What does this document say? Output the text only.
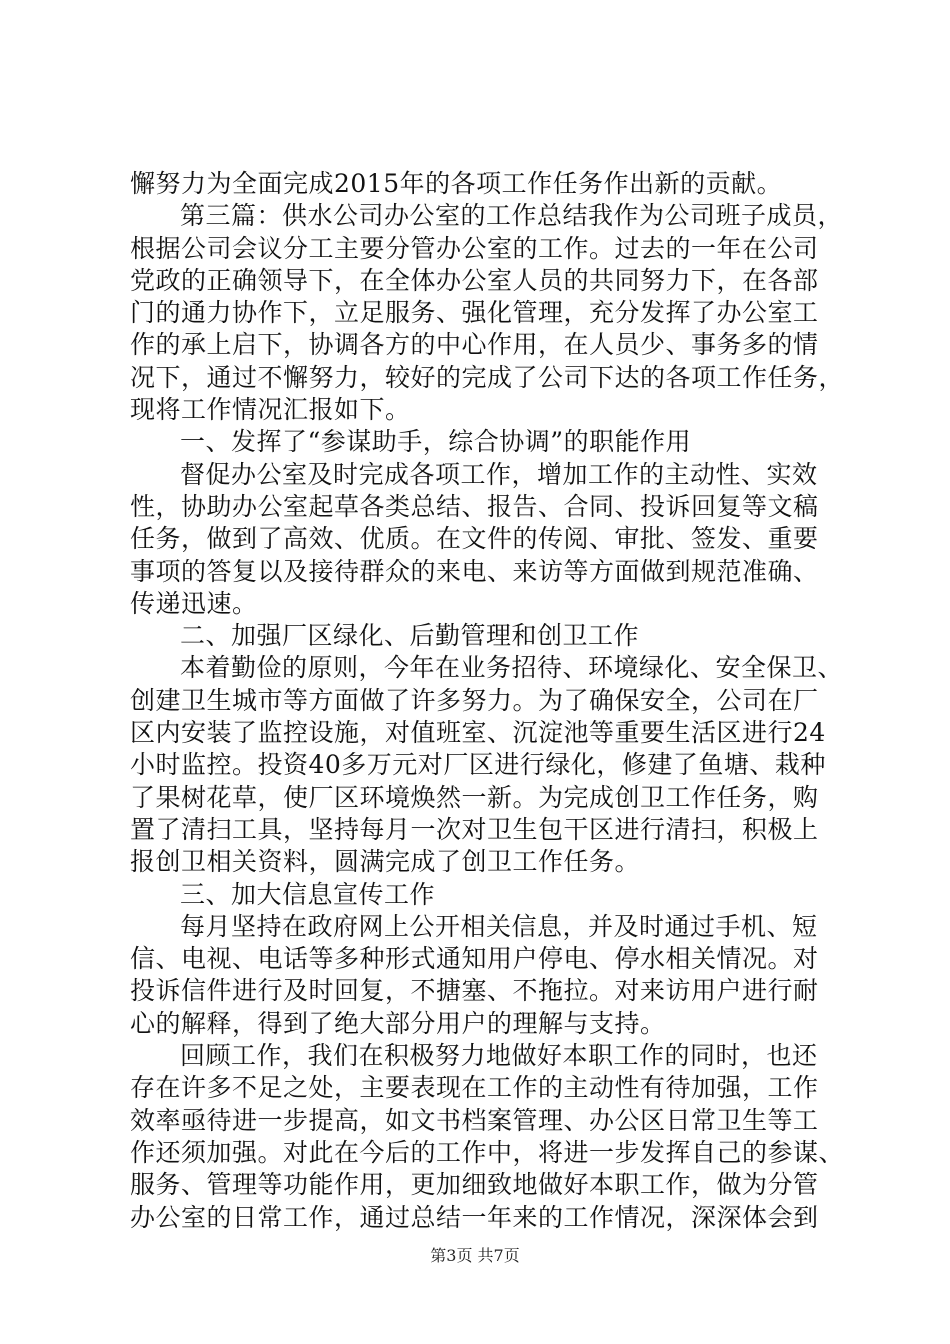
懈努力为全面完成2015年的各项工作任务作出新的贡献。
第三篇：供水公司办公室的工作总结我作为公司班子成员，
根据公司会议分工主要分管办公室的工作。过去的一年在公司
党政的正确领导下，在全体办公室人员的共同努力下，在各部
门的通力协作下，立足服务、强化管理，充分发挥了办公室工
作的承上启下，协调各方的中心作用，在人员少、事务多的情
况下，通过不懈努力，较好的完成了公司下达的各项工作任务，
现将工作情况汇报如下。
一、发挥了“参谋助手，综合协调”的职能作用
督促办公室及时完成各项工作，增加工作的主动性、实效
性，协助办公室起草各类总结、报告、合同、投诉回复等文稿
任务，做到了高效、优质。在文件的传阅、审批、签发、重要
事项的答复以及接待群众的来电、来访等方面做到规范准确、
传递迅速。
二、加强厂区绿化、后勤管理和创卫工作
本着勤俭的原则，今年在业务招待、环境绿化、安全保卫、
创建卫生城市等方面做了许多努力。为了确保安全，公司在厂
区内安装了监控设施，对值班室、沉淀池等重要生活区进行24
小时监控。投资40多万元对厂区进行绿化，修建了鱼塘、栽种
了果树花草，使厂区环境焕然一新。为完成创卫工作任务，购
置了清扫工具，坚持每月一次对卫生包干区进行清扫，积极上
报创卫相关资料，圆满完成了创卫工作任务。
三、加大信息宣传工作
每月坚持在政府网上公开相关信息，并及时通过手机、短
信、电视、电话等多种形式通知用户停电、停水相关情况。对
投诉信件进行及时回复，不搪塞、不拖拉。对来访用户进行耐
心的解释，得到了绝大部分用户的理解与支持。
回顾工作，我们在积极努力地做好本职工作的同时，也还
存在许多不足之处，主要表现在工作的主动性有待加强，工作
效率亟待进一步提高，如文书档案管理、办公区日常卫生等工
作还须加强。对此在今后的工作中，将进一步发挥自己的参谋、
服务、管理等功能作用，更加细致地做好本职工作，做为分管
办公室的日常工作，通过总结一年来的工作情况，深深体会到
第3页 共7页
